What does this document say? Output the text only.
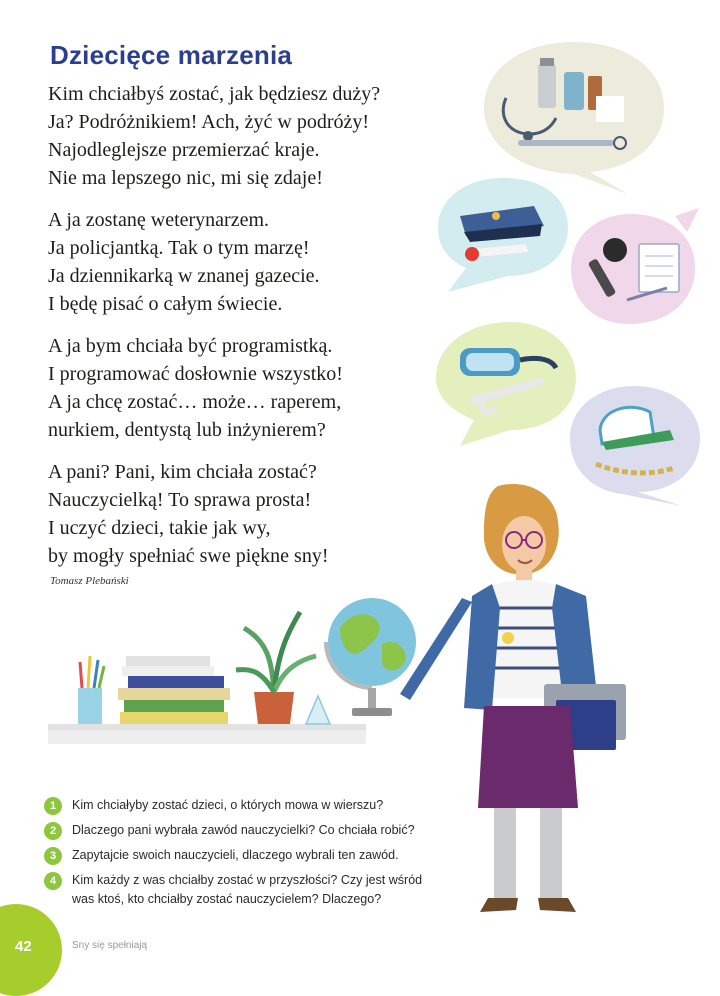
Dziecięce marzenia
Kim chciałbyś zostać, jak będziesz duży?
Ja? Podróżnikiem! Ach, żyć w podróży!
Najodleglejsze przemierzać kraje.
Nie ma lepszego nic, mi się zdaje!
A ja zostanę weterynarzem.
Ja policjantką. Tak o tym marzę!
Ja dziennikarką w znanej gazecie.
I będę pisać o całym świecie.
A ja bym chciała być programistką.
I programować dosłownie wszystko!
A ja chcę zostać… może… raperem,
nurkiem, dentystą lub inżynierem?
A pani? Pani, kim chciała zostać?
Nauczycielką! To sprawa prosta!
I uczyć dzieci, takie jak wy,
by mogły spełniać swe piękne sny!
Tomasz Plebański
1	Kim chciałyby zostać dzieci, o których mowa w wierszu?
2	Dlaczego pani wybrała zawód nauczycielki? Co chciała robić?
3	Zapytajcie swoich nauczycieli, dlaczego wybrali ten zawód.
4	Kim każdy z was chciałby zostać w przyszłości? Czy jest wśród
was ktoś, kto chciałby zostać nauczycielem? Dlaczego?
42	Sny się spełniają
